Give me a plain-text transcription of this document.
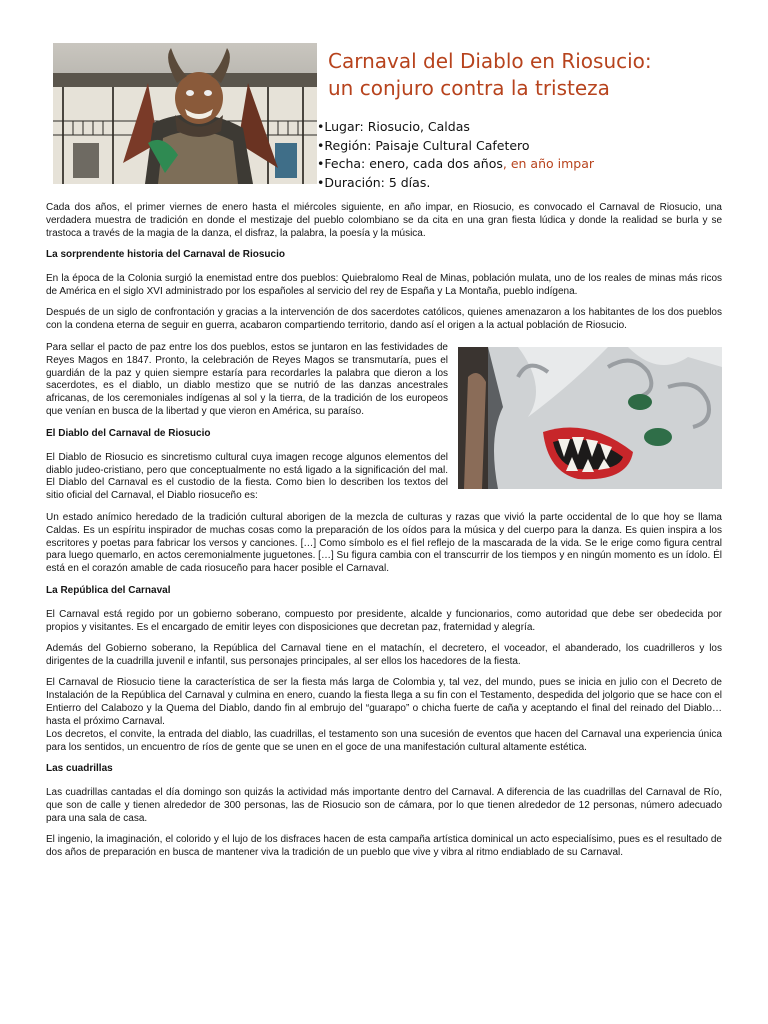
Carnaval del Diablo en Riosucio:
un conjuro contra la tristeza
•Lugar: Riosucio, Caldas
•Región: Paisaje Cultural Cafetero
•Fecha: enero, cada dos años, en año impar
•Duración: 5 días.

Cada dos años, el primer viernes de enero hasta el miércoles siguiente, en año impar, en Riosucio, es convocado el Carnaval de Riosucio, una verdadera muestra de tradición en donde el mestizaje del pueblo colombiano se da cita en una gran fiesta lúdica y donde la realidad se burla y se trastoca a través de la magia de la danza, el disfraz, la palabra, la poesía y la música.

La sorprendente historia del Carnaval de Riosucio

En la época de la Colonia surgió la enemistad entre dos pueblos: Quiebralomo Real de Minas, población mulata, uno de los reales de minas más ricos de América en el siglo XVI administrado por los españoles al servicio del rey de España y La Montaña, pueblo indígena.

Después de un siglo de confrontación y gracias a la intervención de dos sacerdotes católicos, quienes amenazaron a los habitantes de los dos pueblos con la condena eterna de seguir en guerra, acabaron compartiendo territorio, dando así el origen a la actual población de Riosucio.

Para sellar el pacto de paz entre los dos pueblos, estos se juntaron en las festividades de Reyes Magos en 1847. Pronto, la celebración de Reyes Magos se transmutaría, pues el guardián de la paz y quien siempre estaría para recordarles la palabra que dieron a los sacerdotes, es el diablo, un diablo mestizo que se nutrió de las danzas ancestrales africanas, de los ceremoniales indígenas al sol y la tierra, de la tradición de los europeos que venían en busca de la libertad y que vieron en América, su paraíso.

El Diablo del Carnaval de Riosucio

El Diablo de Riosucio es sincretismo cultural cuya imagen recoge algunos elementos del diablo judeo-cristiano, pero que conceptualmente no está ligado a la significación del mal. El Diablo del Carnaval es el custodio de la fiesta. Como bien lo describen los textos del sitio oficial del Carnaval, el Diablo riosuceño es:

Un estado anímico heredado de la tradición cultural aborigen de la mezcla de culturas y razas que vivió la parte occidental de lo que hoy se llama Caldas. Es un espíritu inspirador de muchas cosas como la preparación de los oídos para la música y del cuerpo para la danza. Es quien inspira a los escritores y poetas para fabricar los versos y canciones. […] Como símbolo es el fiel reflejo de la mascarada de la vida. Se le erige como figura central para luego quemarlo, en actos ceremonialmente juguetones. […] Su figura cambia con el transcurrir de los tiempos y en ningún momento es un ídolo. Él está en el corazón amable de cada riosuceño para hacer posible el Carnaval.

La República del Carnaval

El Carnaval está regido por un gobierno soberano, compuesto por presidente, alcalde y funcionarios, como autoridad que debe ser obedecida por propios y visitantes. Es el encargado de emitir leyes con disposiciones que decretan paz, fraternidad y alegría.

Además del Gobierno soberano, la República del Carnaval tiene en el matachín, el decretero, el voceador, el abanderado, los cuadrilleros y los dirigentes de la cuadrilla juvenil e infantil, sus personajes principales, al ser ellos los hacedores de la fiesta.

El Carnaval de Riosucio tiene la característica de ser la fiesta más larga de Colombia y, tal vez, del mundo, pues se inicia en julio con el Decreto de Instalación de la República del Carnaval y culmina en enero, cuando la fiesta llega a su fin con el Testamento, despedida del jolgorio que se hace con el Entierro del Calabozo y la Quema del Diablo, dando fin al embrujo del “guarapo” o chicha fuerte de caña y aceptando el final del reinado del Diablo… hasta el próximo Carnaval.

Los decretos, el convite, la entrada del diablo, las cuadrillas, el testamento son una sucesión de eventos que hacen del Carnaval una experiencia única para los sentidos, un encuentro de ríos de gente que se unen en el goce de una manifestación cultural altamente estética.

Las cuadrillas

Las cuadrillas cantadas el día domingo son quizás la actividad más importante dentro del Carnaval. A diferencia de las cuadrillas del Carnaval de Río, que son de calle y tienen alrededor de 300 personas, las de Riosucio son de cámara, por lo que tienen alrededor de 12 personas, número adecuado para una sala de casa.

El ingenio, la imaginación, el colorido y el lujo de los disfraces hacen de esta campaña artística dominical un acto especialísimo, pues es el resultado de dos años de preparación en busca de mantener viva la tradición de un pueblo que vive y vibra al ritmo endiablado de su Carnaval.
